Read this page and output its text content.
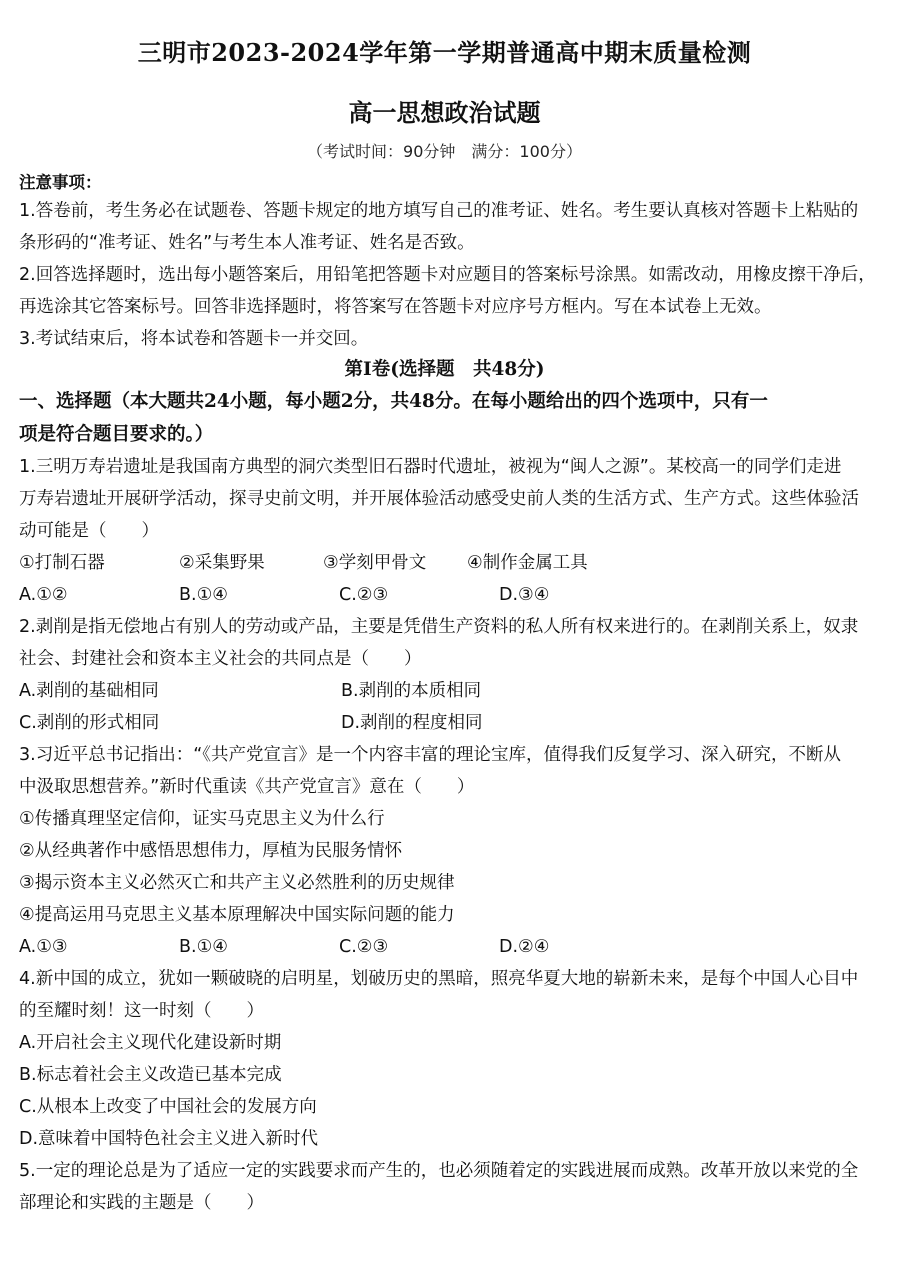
三明市2023-2024学年第一学期普通高中期末质量检测
高一思想政治试题
（考试时间：90分钟　满分：100分）
注意事项：

1.答卷前，考生务必在试题卷、答题卡规定的地方填写自己的准考证、姓名。考生要认真核对答题卡上粘贴的

条形码的“准考证、姓名”与考生本人准考证、姓名是否致。

2.回答选择题时，选出每小题答案后，用铅笔把答题卡对应题目的答案标号涂黑。如需改动，用橡皮擦干净后，

再选涂其它答案标号。回答非选择题时，将答案写在答题卡对应序号方框内。写在本试卷上无效。

3.考试结束后，将本试卷和答题卡一并交回。

第Ⅰ卷(选择题　共48分)

一、选择题（本大题共24小题，每小题2分，共48分。在每小题给出的四个选项中，只有一

项是符合题目要求的。）

1.三明万寿岩遗址是我国南方典型的洞穴类型旧石器时代遗址，被视为“闽人之源”。某校高一的同学们走进

万寿岩遗址开展研学活动，探寻史前文明，并开展体验活动感受史前人类的生活方式、生产方式。这些体验活

动可能是（　　）

①打制石器	②采集野果	③学刻甲骨文	④制作金属工具
A.①②	B.①④	C.②③	D.③④

2.剥削是指无偿地占有别人的劳动或产品，主要是凭借生产资料的私人所有权来进行的。在剥削关系上，奴隶

社会、封建社会和资本主义社会的共同点是（　　）

A.剥削的基础相同	B.剥削的本质相同
C.剥削的形式相同	D.剥削的程度相同

3.习近平总书记指出：“《共产党宣言》是一个内容丰富的理论宝库，值得我们反复学习、深入研究，不断从

中汲取思想营养。”新时代重读《共产党宣言》意在（　　）

①传播真理坚定信仰，证实马克思主义为什么行

②从经典著作中感悟思想伟力，厚植为民服务情怀

③揭示资本主义必然灭亡和共产主义必然胜利的历史规律

④提高运用马克思主义基本原理解决中国实际问题的能力

A.①③	B.①④	C.②③	D.②④

4.新中国的成立，犹如一颗破晓的启明星，划破历史的黑暗，照亮华夏大地的崭新未来，是每个中国人心目中

的至耀时刻！这一时刻（　　）

A.开启社会主义现代化建设新时期

B.标志着社会主义改造已基本完成

C.从根本上改变了中国社会的发展方向

D.意味着中国特色社会主义进入新时代

5.一定的理论总是为了适应一定的实践要求而产生的，也必须随着定的实践进展而成熟。改革开放以来党的全

部理论和实践的主题是（　　）
